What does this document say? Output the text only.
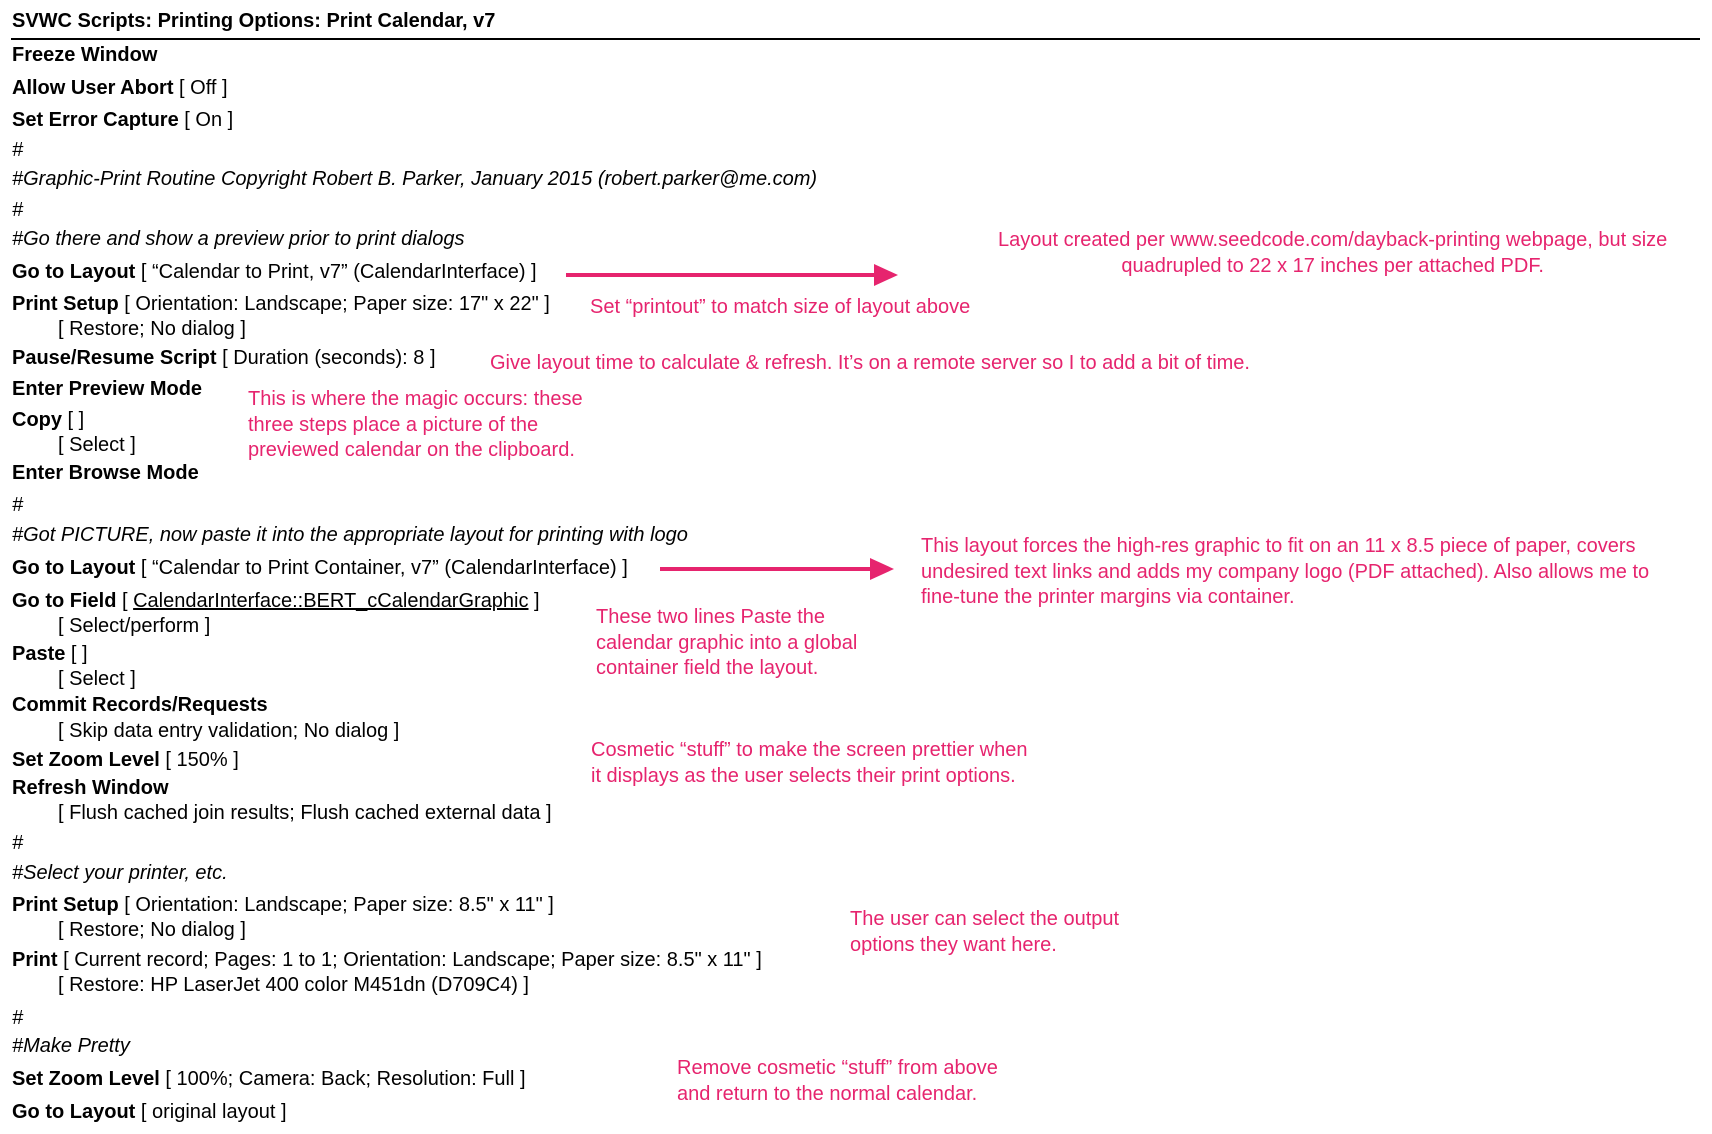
SVWC Scripts: Printing Options: Print Calendar, v7
Freeze Window
Allow User Abort [ Off ]
Set Error Capture [ On ]
#
#Graphic-Print Routine Copyright Robert B. Parker, January 2015 (robert.parker@me.com)
#
#Go there and show a preview prior to print dialogs
Go to Layout [ “Calendar to Print, v7” (CalendarInterface) ]
Print Setup [ Orientation: Landscape; Paper size: 17" x 22" ]
[ Restore; No dialog ]
Pause/Resume Script [ Duration (seconds): 8 ]
Enter Preview Mode
Copy [ ]
[ Select ]
Enter Browse Mode
#
#Got PICTURE, now paste it into the appropriate layout for printing with logo
Go to Layout [ “Calendar to Print Container, v7” (CalendarInterface) ]
Go to Field [ CalendarInterface::BERT_cCalendarGraphic ]
[ Select/perform ]
Paste [ ]
[ Select ]
Commit Records/Requests
[ Skip data entry validation; No dialog ]
Set Zoom Level [ 150% ]
Refresh Window
[ Flush cached join results; Flush cached external data ]
#
#Select your printer, etc.
Print Setup [ Orientation: Landscape; Paper size: 8.5" x 11" ]
[ Restore; No dialog ]
Print [ Current record; Pages: 1 to 1; Orientation: Landscape; Paper size: 8.5" x 11" ]
[ Restore: HP LaserJet 400 color M451dn (D709C4) ]
#
#Make Pretty
Set Zoom Level [ 100%; Camera: Back; Resolution: Full ]
Go to Layout [ original layout ]
Layout created per www.seedcode.com/dayback-printing webpage, but size
quadrupled to 22 x 17 inches per attached PDF.
Set “printout” to match size of layout above
Give layout time to calculate & refresh. It’s on a remote server so I to add a bit of time.
This is where the magic occurs: these
three steps place a picture of the
previewed calendar on the clipboard.
This layout forces the high-res graphic to fit on an 11 x 8.5 piece of paper, covers
undesired text links and adds my company logo (PDF attached). Also allows me to
fine-tune the printer margins via container.
These two lines Paste the
calendar graphic into a global
container field the layout.
Cosmetic “stuff” to make the screen prettier when
it displays as the user selects their print options.
The user can select the output
options they want here.
Remove cosmetic “stuff” from above
and return to the normal calendar.
